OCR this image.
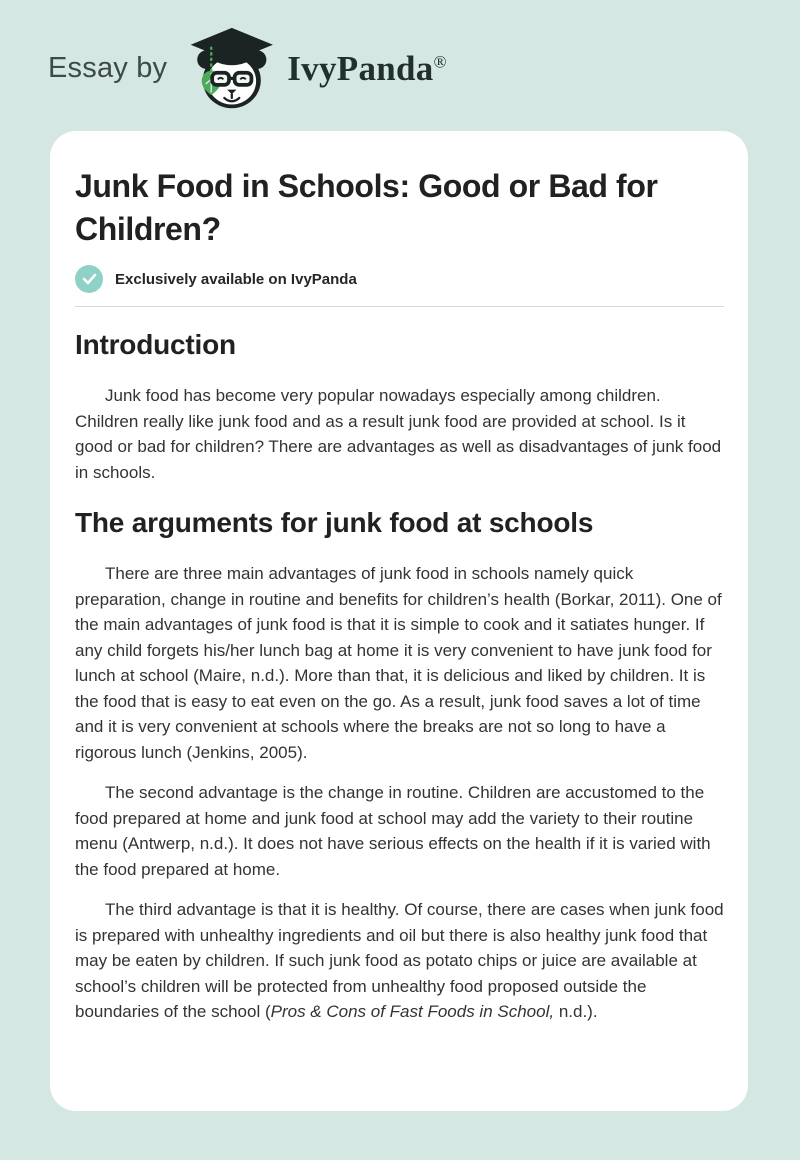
Essay by	IvyPanda®
Junk Food in Schools: Good or Bad for Children?
Exclusively available on IvyPanda
Introduction

Junk food has become very popular nowadays especially among children. Children really like junk food and as a result junk food are provided at school. Is it good or bad for children? There are advantages as well as disadvantages of junk food in schools.

The arguments for junk food at schools

There are three main advantages of junk food in schools namely quick preparation, change in routine and benefits for children’s health (Borkar, 2011). One of the main advantages of junk food is that it is simple to cook and it satiates hunger. If any child forgets his/her lunch bag at home it is very convenient to have junk food for lunch at school (Maire, n.d.). More than that, it is delicious and liked by children. It is the food that is easy to eat even on the go. As a result, junk food saves a lot of time and it is very convenient at schools where the breaks are not so long to have a rigorous lunch (Jenkins, 2005).

The second advantage is the change in routine. Children are accustomed to the food prepared at home and junk food at school may add the variety to their routine menu (Antwerp, n.d.). It does not have serious effects on the health if it is varied with the food prepared at home.

The third advantage is that it is healthy. Of course, there are cases when junk food is prepared with unhealthy ingredients and oil but there is also healthy junk food that may be eaten by children. If such junk food as potato chips or juice are available at school’s children will be protected from unhealthy food proposed outside the boundaries of the school (Pros & Cons of Fast Foods in School, n.d.).
